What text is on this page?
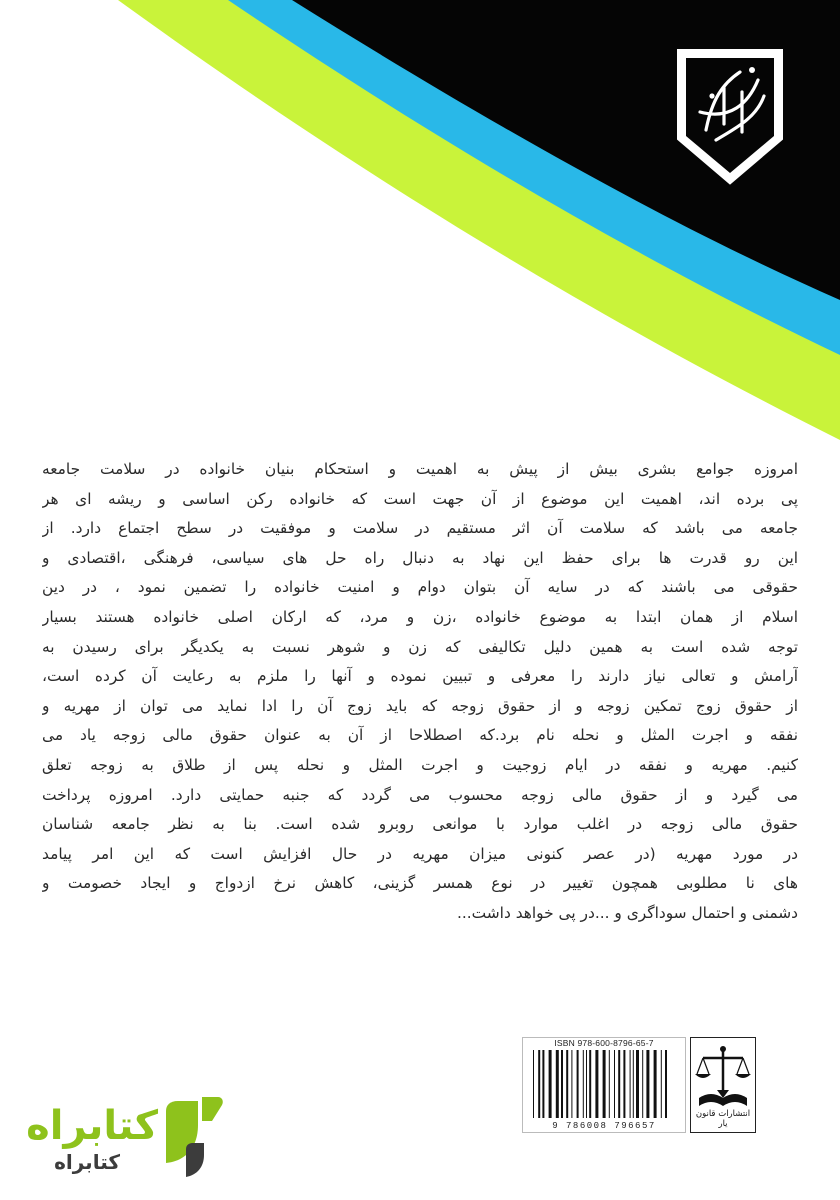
امروزه جوامع بشری بیش از پیش به اهمیت و استحکام بنیان خانواده در سلامت جامعه
پی برده اند، اهمیت این موضوع از آن جهت است که خانواده رکن اساسی و ریشه ای هر
جامعه می باشد که سلامت آن اثر مستقیم در سلامت و موفقیت در سطح اجتماع دارد. از
این رو قدرت ها برای حفظ این نهاد به دنبال راه حل های سیاسی، فرهنگی ،اقتصادی و
حقوقی می باشند که در سایه آن بتوان دوام و امنیت خانواده را تضمین نمود ، در دین
اسلام از همان ابتدا به موضوع خانواده ،زن و مرد، که ارکان اصلی خانواده هستند بسیار
توجه شده است به همین دلیل تکالیفی که زن و شوهر نسبت به یکدیگر برای رسیدن به
آرامش و تعالی نیاز دارند را معرفی و تبیین نموده و آنها را ملزم به رعایت آن کرده است،
از حقوق زوج تمکین زوجه و از حقوق زوجه که باید زوج آن را ادا نماید می توان از مهریه و
نفقه و اجرت المثل و نحله نام برد.که اصطلاحا از آن به عنوان حقوق مالی زوجه یاد می
کنیم. مهریه و نفقه در ایام زوجیت و اجرت المثل و نحله پس از طلاق به زوجه تعلق
می گیرد و از حقوق مالی زوجه محسوب می گردد که جنبه حمایتی دارد. امروزه پرداخت
حقوق مالی زوجه در اغلب موارد با موانعی روبرو شده است. بنا به نظر جامعه شناسان
در مورد مهریه (در عصر کنونی میزان مهریه در حال افزایش است که این امر پیامد
های نا مطلوبی همچون تغییر در نوع همسر گزینی، کاهش نرخ ازدواج و ایجاد خصومت و
دشمنی و احتمال سوداگری و ...در پی خواهد داشت...
ISBN 978-600-8796-65-7
9 786008 796657
انتشارات قانون یار
کتابراه
کتابراه
